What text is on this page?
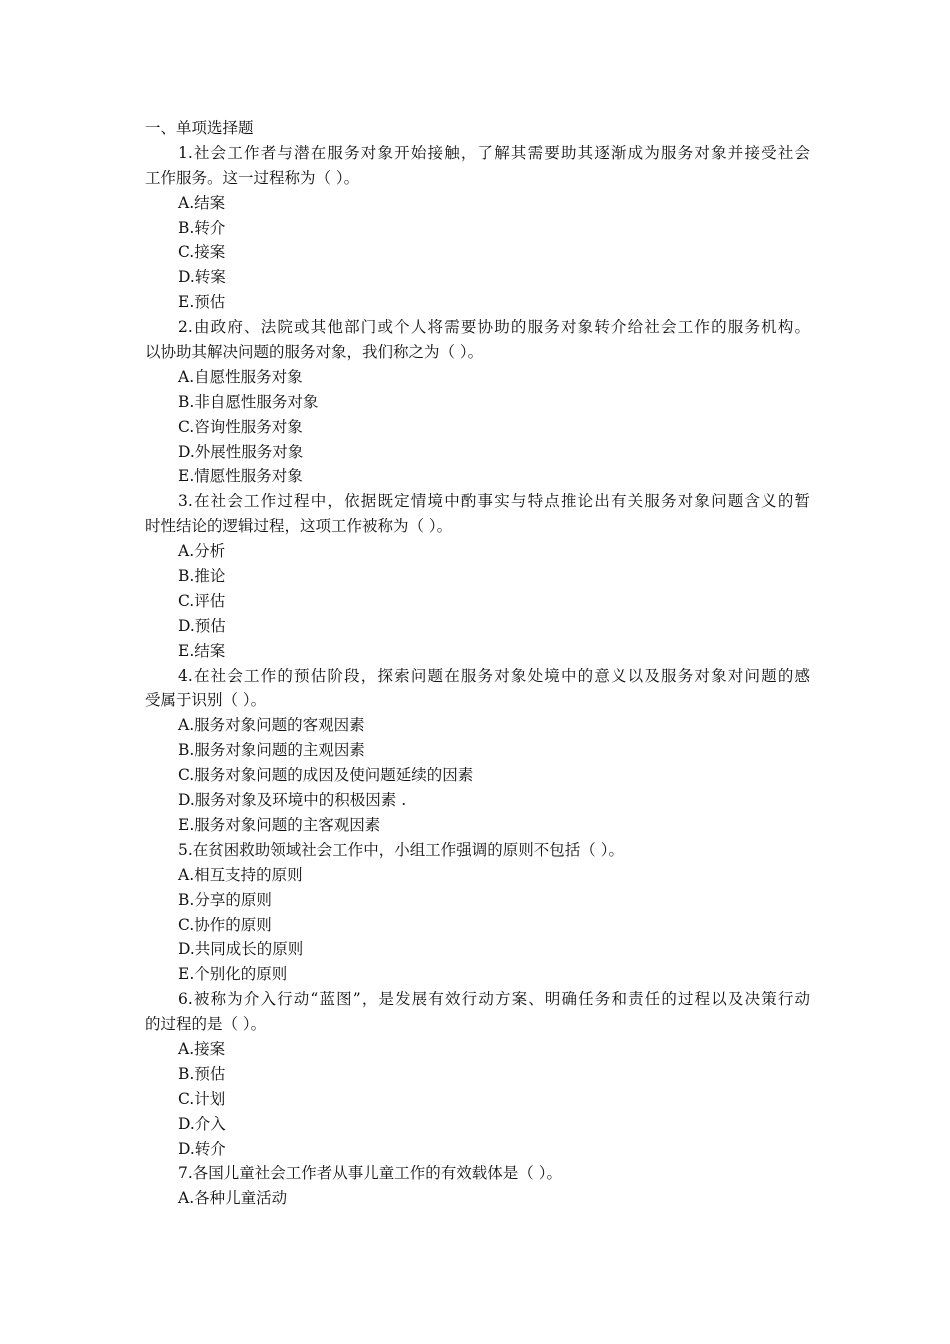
一、单项选择题
1.社会工作者与潜在服务对象开始接触，了解其需要助其逐渐成为服务对象并接受社会
工作服务。这一过程称为（ ）。
A.结案
B.转介
C.接案
D.转案
E.预估
2.由政府、法院或其他部门或个人将需要协助的服务对象转介给社会工作的服务机构。
以协助其解决问题的服务对象，我们称之为（ ）。
A.自愿性服务对象
B.非自愿性服务对象
C.咨询性服务对象
D.外展性服务对象
E.情愿性服务对象
3.在社会工作过程中，依据既定情境中酌事实与特点推论出有关服务对象问题含义的暂
时性结论的逻辑过程，这项工作被称为（ ）。
A.分析
B.推论
C.评估
D.预估
E.结案
4.在社会工作的预估阶段，探索问题在服务对象处境中的意义以及服务对象对问题的感
受属于识别（ ）。
A.服务对象问题的客观因素
B.服务对象问题的主观因素
C.服务对象问题的成因及使问题延续的因素
D.服务对象及环境中的积极因素 .
E.服务对象问题的主客观因素
5.在贫困救助领域社会工作中，小组工作强调的原则不包括（ ）。
A.相互支持的原则
B.分享的原则
C.协作的原则
D.共同成长的原则
E.个别化的原则
6.被称为介入行动“蓝图”，是发展有效行动方案、明确任务和责任的过程以及决策行动
的过程的是（ ）。
A.接案
B.预估
C.计划
D.介入
D.转介
7.各国儿童社会工作者从事儿童工作的有效载体是（ ）。
A.各种儿童活动
